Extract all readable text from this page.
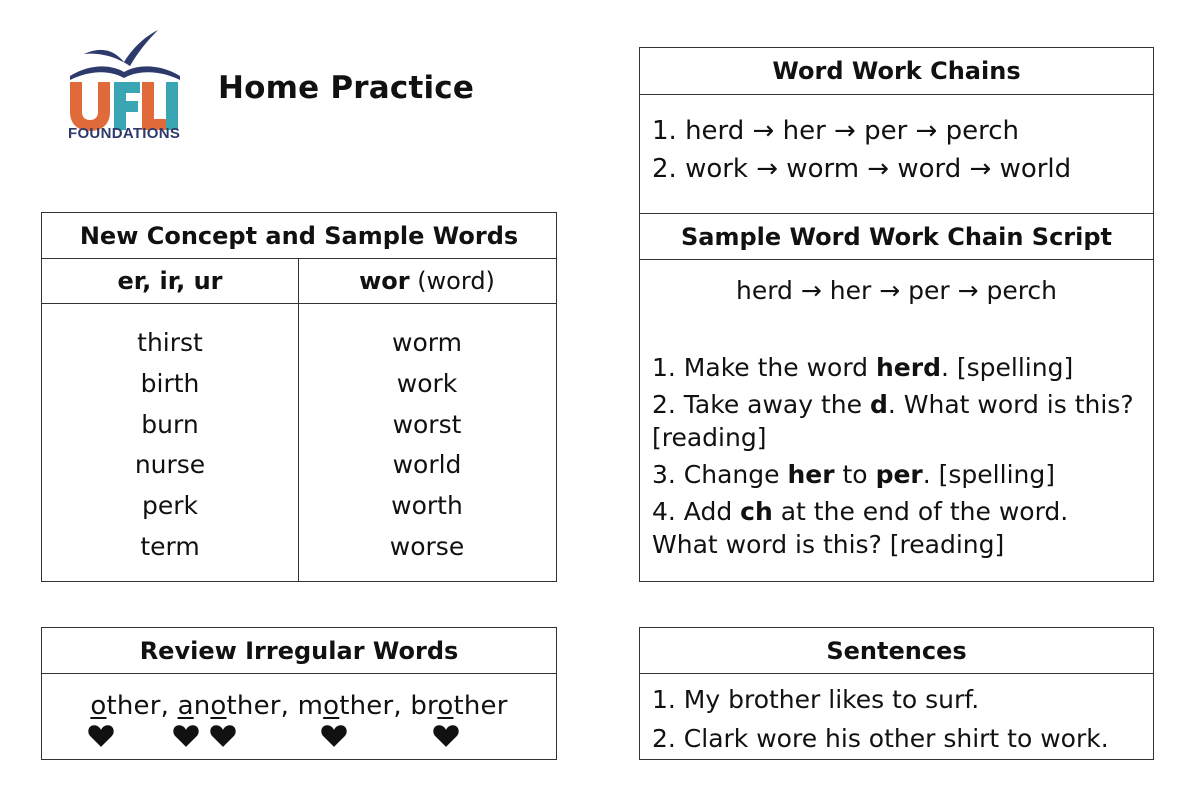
FOUNDATIONS
Home Practice
New Concept and Sample Words
er, ir, ur	wor (word)
thirst
birth
burn
nurse
perk
term
worm
work
worst
world
worth
worse
Review Irregular Words
other, another, mother, brother
Word Work Chains
1. herd → her → per → perch
2. work → worm → word → world
Sample Word Work Chain Script
herd → her → per → perch
1. Make the word herd. [spelling]
2. Take away the d. What word is this? [reading]
3. Change her to per. [spelling]
4. Add ch at the end of the word. What word is this? [reading]
Sentences
1. My brother likes to surf.
2. Clark wore his other shirt to work.
